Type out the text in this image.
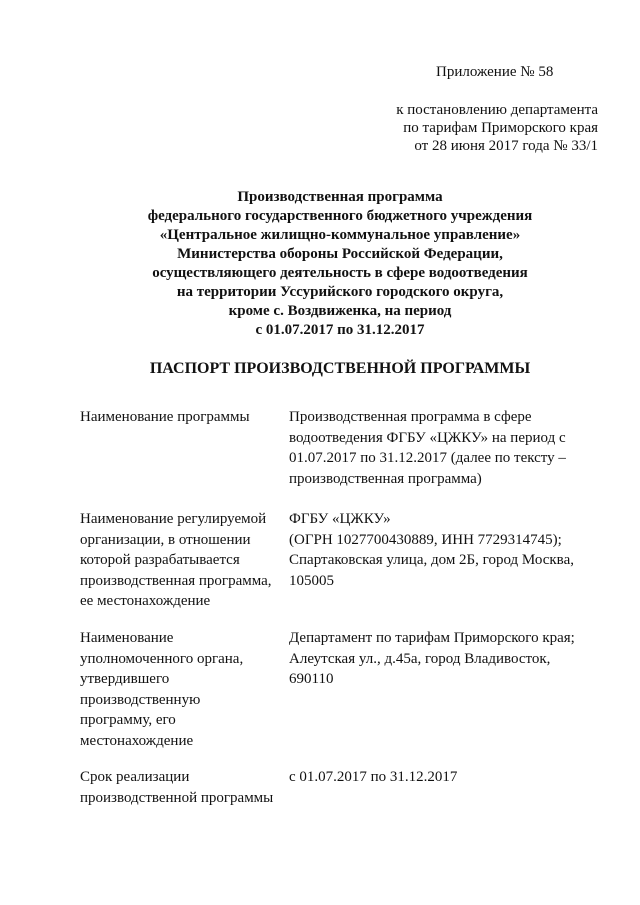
Приложение № 58
к постановлению департамента
по тарифам Приморского края
от 28 июня 2017 года № 33/1
Производственная программа
федерального государственного бюджетного учреждения
«Центральное жилищно-коммунальное управление»
Министерства обороны Российской Федерации,
осуществляющего деятельность в сфере водоотведения
на территории Уссурийского городского округа,
кроме с. Воздвиженка, на период
с 01.07.2017 по 31.12.2017
ПАСПОРТ ПРОИЗВОДСТВЕННОЙ ПРОГРАММЫ
Наименование программы	Производственная программа в сфере
водоотведения ФГБУ «ЦЖКУ» на период с
01.07.2017 по 31.12.2017 (далее по тексту –
производственная программа)
Наименование регулируемой
организации, в отношении
которой разрабатывается
производственная программа,
ее местонахождение
ФГБУ «ЦЖКУ»
(ОГРН 1027700430889, ИНН 7729314745);
Спартаковская улица, дом 2Б, город Москва,
105005
Наименование
уполномоченного органа,
утвердившего
производственную
программу, его
местонахождение
Департамент по тарифам Приморского края;
Алеутская ул., д.45а, город Владивосток,
690110
Срок реализации
производственной программы
с 01.07.2017 по 31.12.2017
